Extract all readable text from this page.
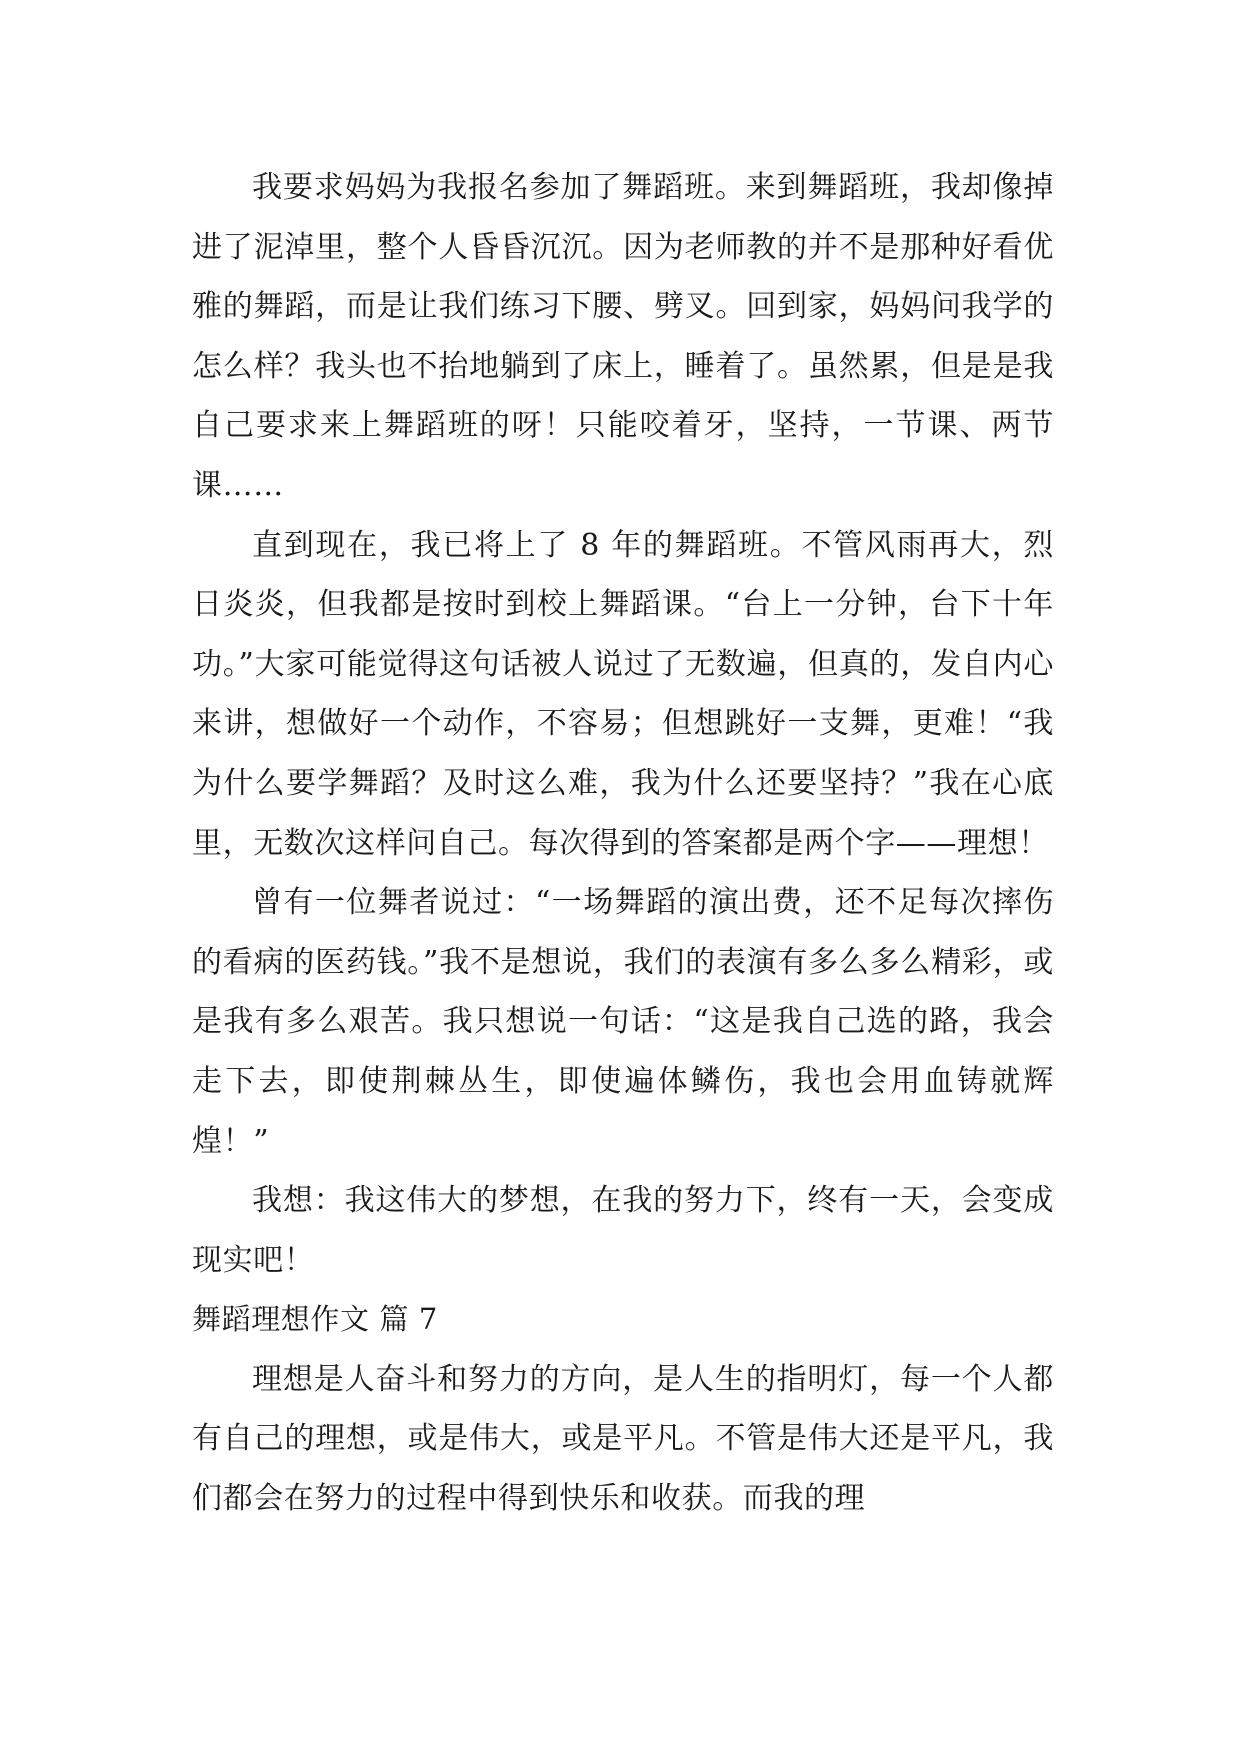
我要求妈妈为我报名参加了舞蹈班。来到舞蹈班，我却像掉进了泥淖里，整个人昏昏沉沉。因为老师教的并不是那种好看优雅的舞蹈，而是让我们练习下腰、劈叉。回到家，妈妈问我学的怎么样？我头也不抬地躺到了床上，睡着了。虽然累，但是是我自己要求来上舞蹈班的呀！只能咬着牙，坚持，一节课、两节课……

直到现在，我已将上了 8 年的舞蹈班。不管风雨再大，烈日炎炎，但我都是按时到校上舞蹈课。“台上一分钟，台下十年功。”大家可能觉得这句话被人说过了无数遍，但真的，发自内心来讲，想做好一个动作，不容易；但想跳好一支舞，更难！“我为什么要学舞蹈？及时这么难，我为什么还要坚持？”我在心底里，无数次这样问自己。每次得到的答案都是两个字——理想！

曾有一位舞者说过：“一场舞蹈的演出费，还不足每次摔伤的看病的医药钱。”我不是想说，我们的表演有多么多么精彩，或是我有多么艰苦。我只想说一句话：“这是我自己选的路，我会走下去，即使荆棘丛生，即使遍体鳞伤，我也会用血铸就辉煌！”

我想：我这伟大的梦想，在我的努力下，终有一天，会变成现实吧！

舞蹈理想作文 篇 7

理想是人奋斗和努力的方向，是人生的指明灯，每一个人都有自己的理想，或是伟大，或是平凡。不管是伟大还是平凡，我们都会在努力的过程中得到快乐和收获。而我的理
